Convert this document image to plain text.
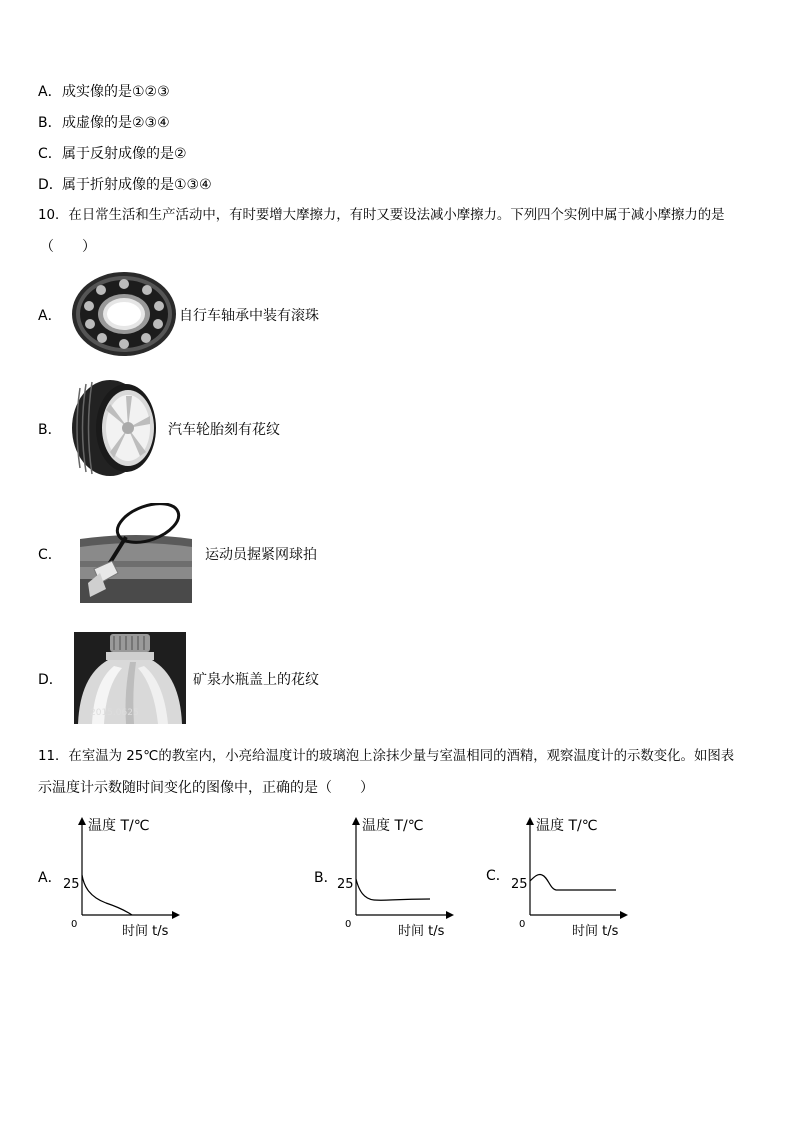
A． 成实像的是①②③
B． 成虚像的是②③④
C． 属于反射成像的是②
D． 属于折射成像的是①③④
10．在日常生活和生产活动中，有时要增大摩擦力，有时又要设法减小摩擦力。下列四个实例中属于减小摩擦力的是
（　　）
A．	自行车轴承中装有滚珠
B．	汽车轮胎刻有花纹
C．	运动员握紧网球拍
D．
2015.0625
矿泉水瓶盖上的花纹
11．在室温为 25℃的教室内，小亮给温度计的玻璃泡上涂抹少量与室温相同的酒精，观察温度计的示数变化。如图表
示温度计示数随时间变化的图像中，正确的是（　　）
A．
温度 T/℃
25
0	时间 t/s
B．
温度 T/℃
25
0	时间 t/s
C．
温度 T/℃
25
0	时间 t/s
